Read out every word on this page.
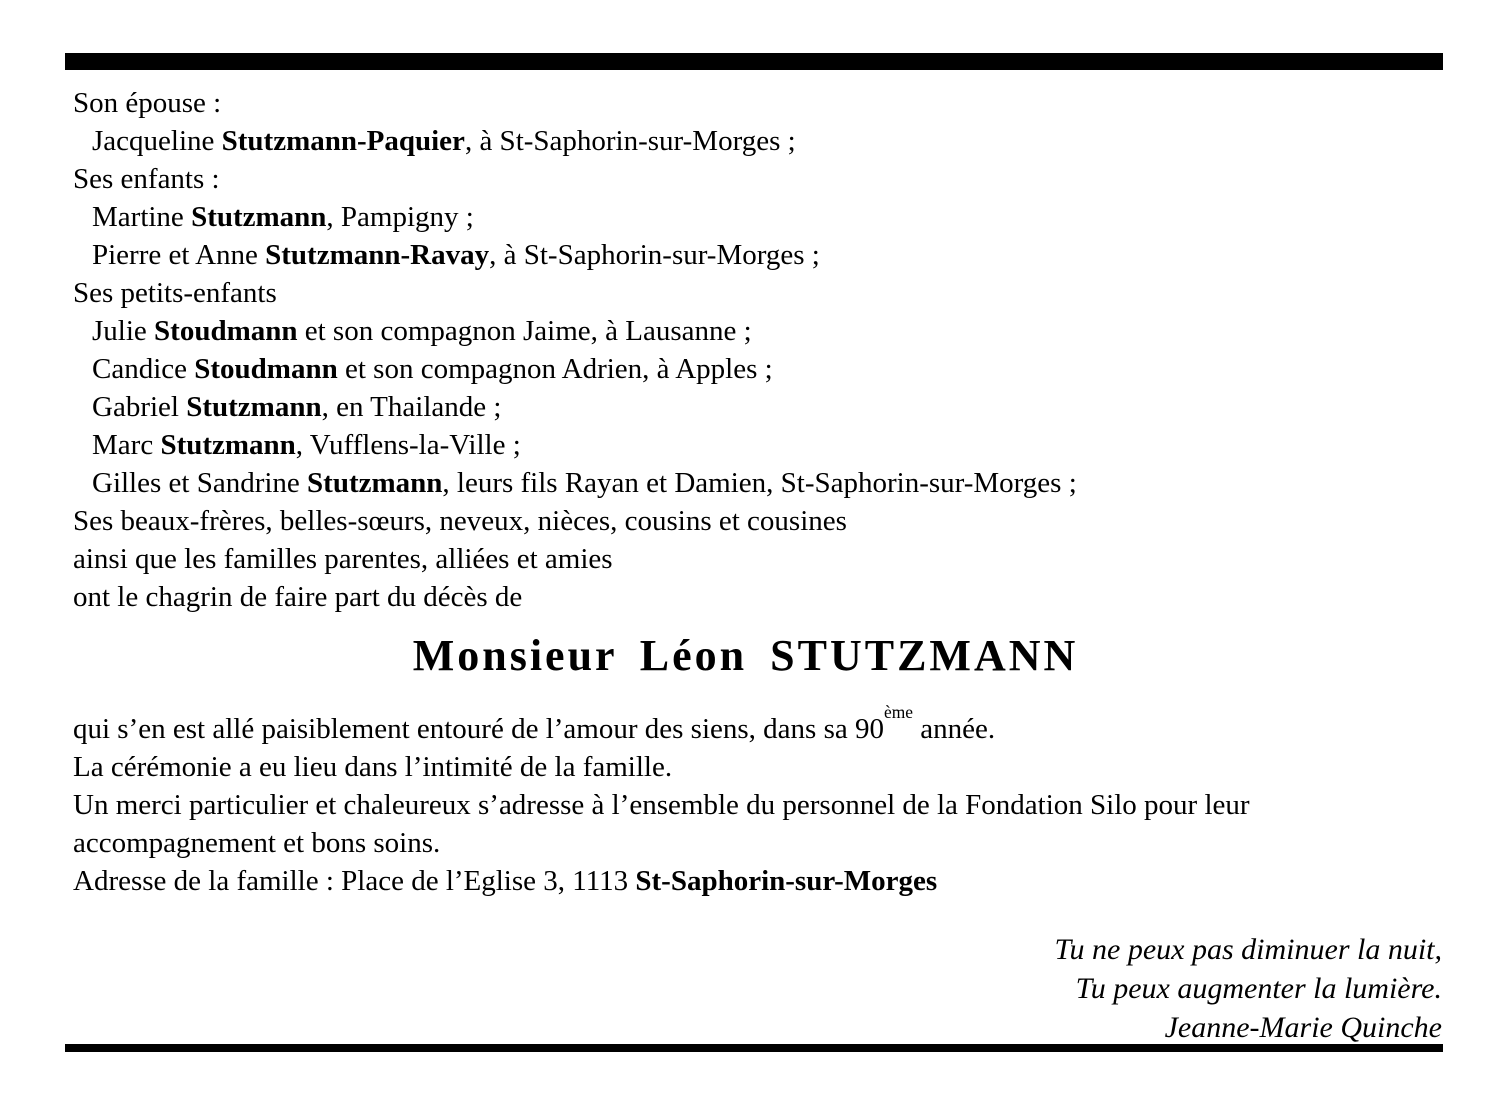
Son épouse :
Jacqueline Stutzmann-Paquier, à St-Saphorin-sur-Morges ;
Ses enfants :
Martine Stutzmann, Pampigny ;
Pierre et Anne Stutzmann-Ravay, à St-Saphorin-sur-Morges ;
Ses petits-enfants
Julie Stoudmann et son compagnon Jaime, à Lausanne ;
Candice Stoudmann et son compagnon Adrien, à Apples ;
Gabriel Stutzmann, en Thailande ;
Marc Stutzmann, Vufflens-la-Ville ;
Gilles et Sandrine Stutzmann, leurs fils Rayan et Damien, St-Saphorin-sur-Morges ;
Ses beaux-frères, belles-sœurs, neveux, nièces, cousins et cousines
ainsi que les familles parentes, alliées et amies
ont le chagrin de faire part du décès de
Monsieur Léon STUTZMANN
qui s’en est allé paisiblement entouré de l’amour des siens, dans sa 90ème année.
La cérémonie a eu lieu dans l’intimité de la famille.
Un merci particulier et chaleureux s’adresse à l’ensemble du personnel de la Fondation Silo pour leur
accompagnement et bons soins.
Adresse de la famille : Place de l’Eglise 3, 1113 St-Saphorin-sur-Morges
Tu ne peux pas diminuer la nuit,
Tu peux augmenter la lumière.
Jeanne-Marie Quinche
